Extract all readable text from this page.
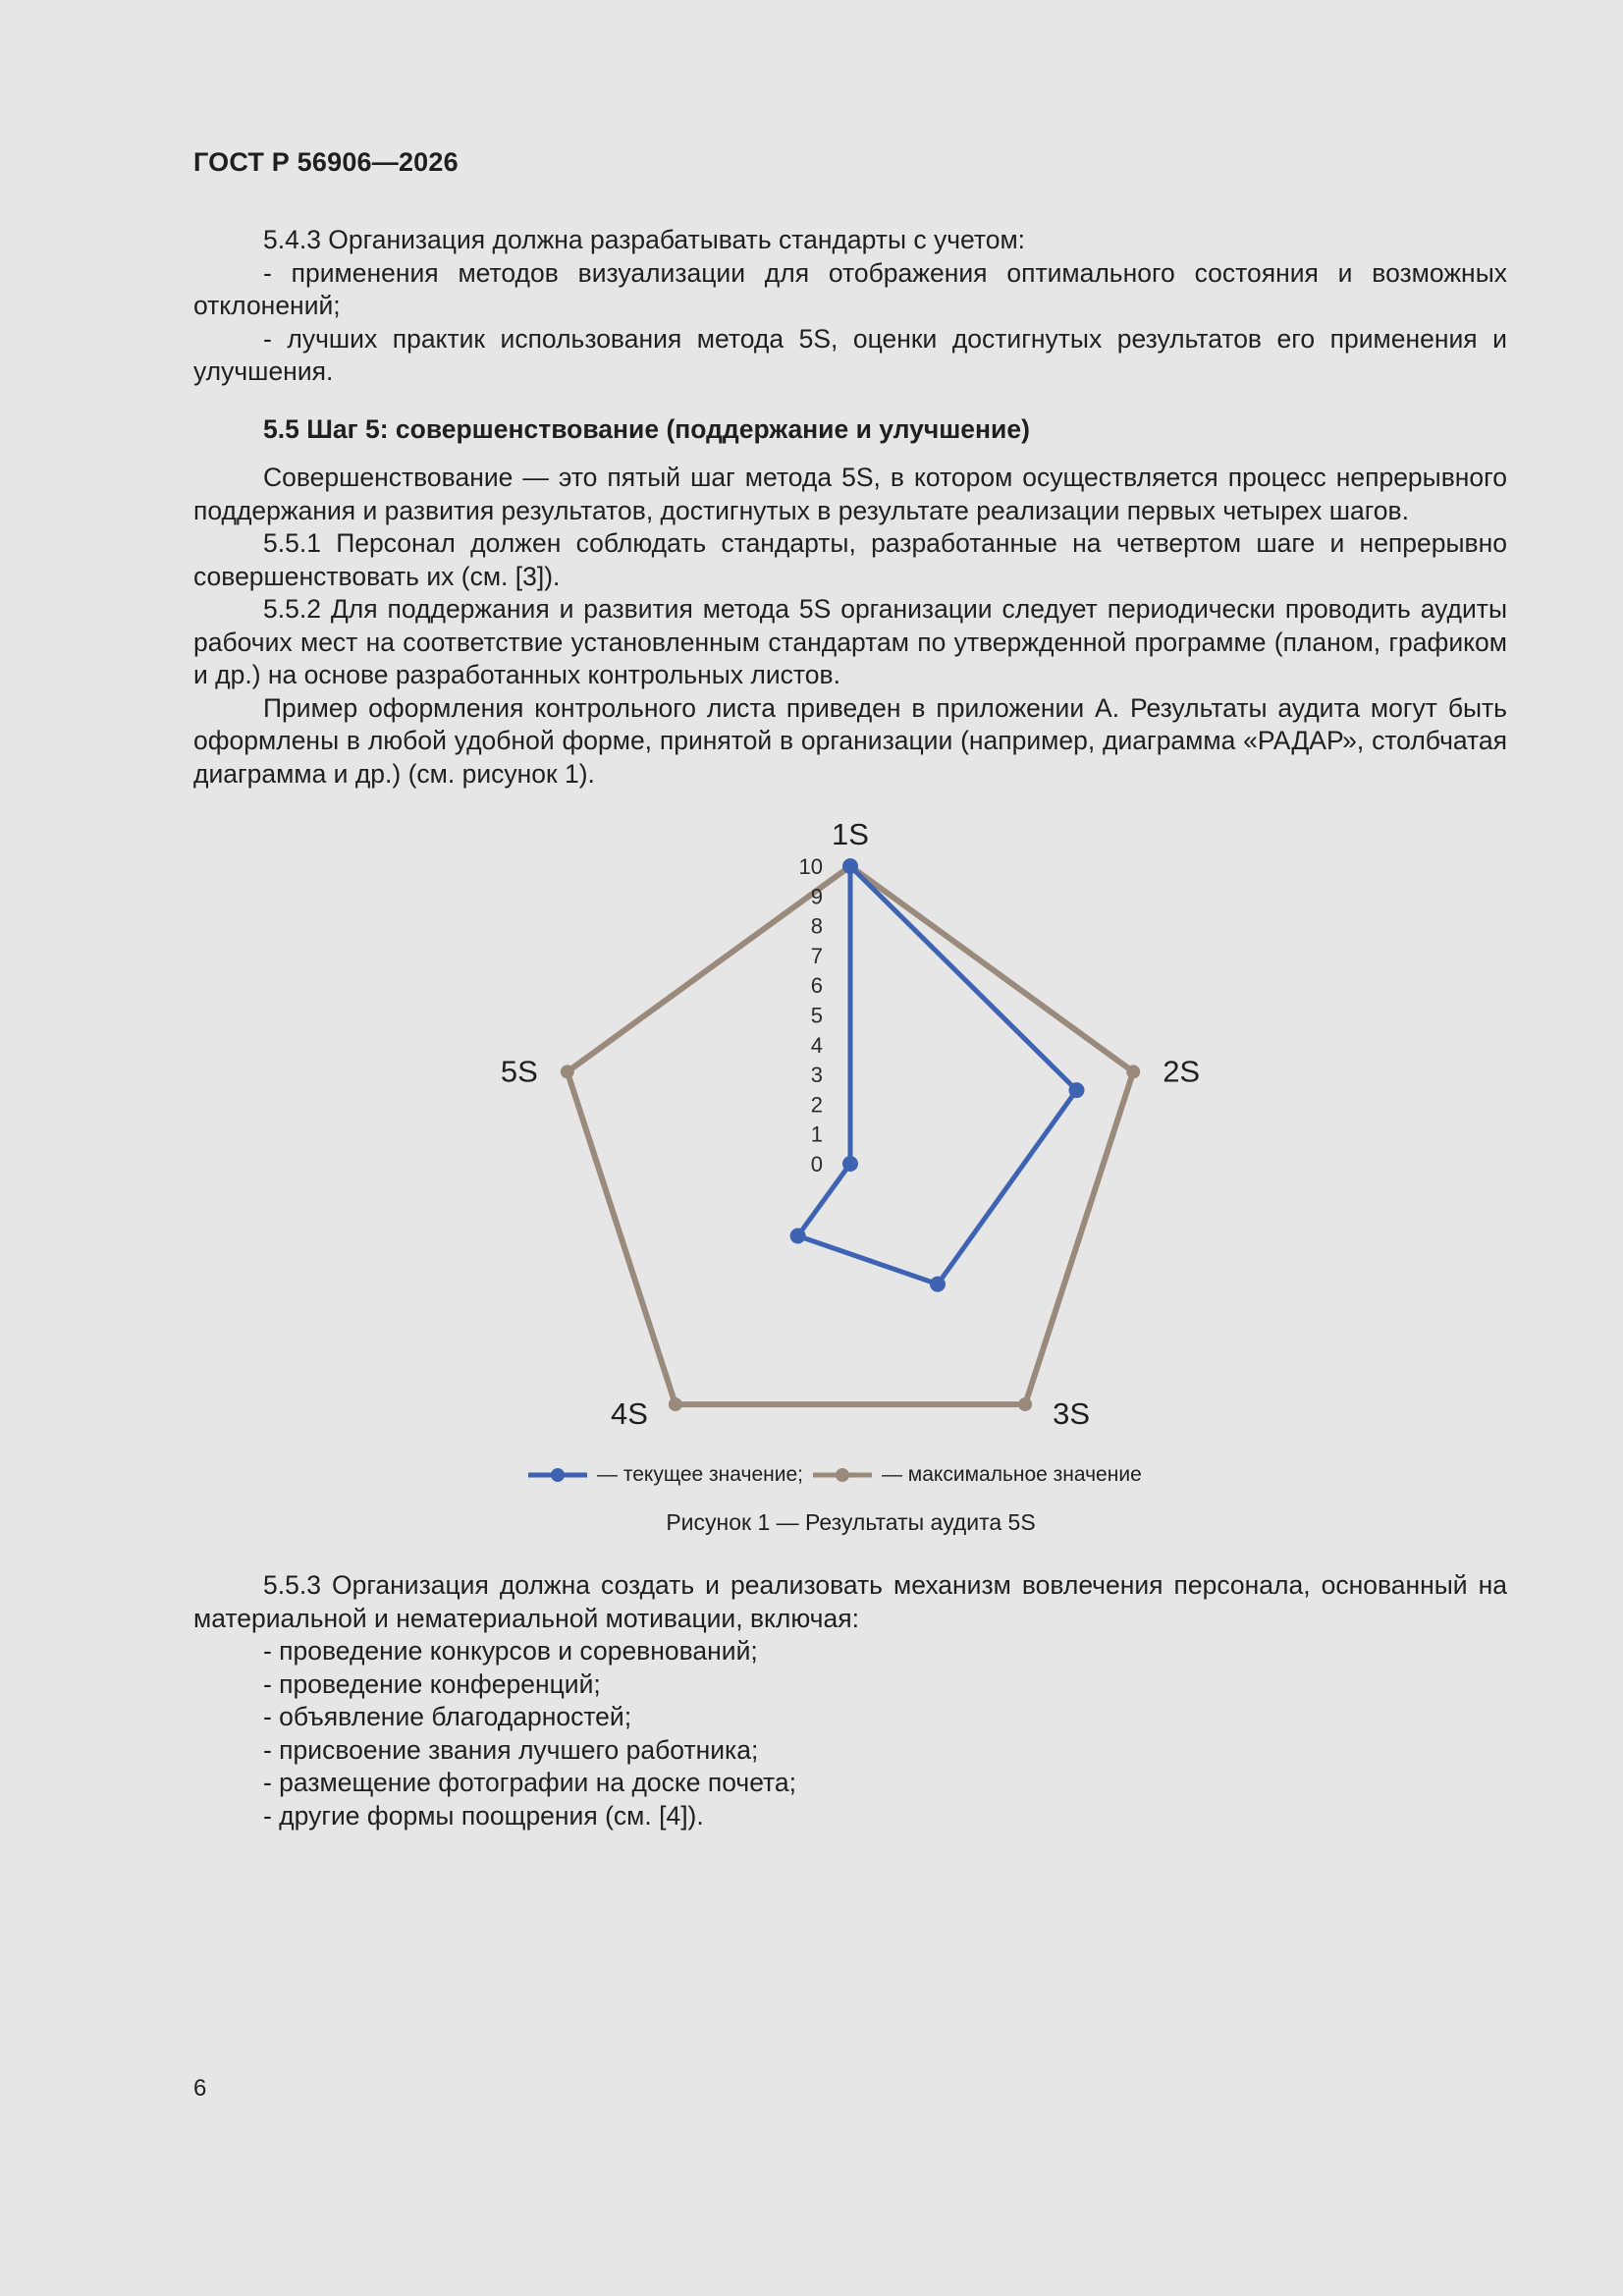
ГОСТ Р 56906—2026

5.4.3 Организация должна разрабатывать стандарты с учетом:

- применения методов визуализации для отображения оптимального состояния и возможных отклонений;

- лучших практик использования метода 5S, оценки достигнутых результатов его применения и улучшения.

5.5 Шаг 5: совершенствование (поддержание и улучшение)

Совершенствование — это пятый шаг метода 5S, в котором осуществляется процесс непрерывного поддержания и развития результатов, достигнутых в результате реализации первых четырех шагов.

5.5.1 Персонал должен соблюдать стандарты, разработанные на четвертом шаге и непрерывно совершенствовать их (см. [3]).

5.5.2 Для поддержания и развития метода 5S организации следует периодически проводить аудиты рабочих мест на соответствие установленным стандартам по утвержденной программе (планом, графиком и др.) на основе разработанных контрольных листов.

Пример оформления контрольного листа приведен в приложении А. Результаты аудита могут быть оформлены в любой удобной форме, принятой в организации (например, диаграмма «РАДАР», столбчатая диаграмма и др.) (см. рисунок 1).

0
1
2
3
4
5
6
7
8
9
10
1S
2S
3S
4S
5S
— текущее значение;	— максимальное значение
Рисунок 1 — Результаты аудита 5S

5.5.3 Организация должна создать и реализовать механизм вовлечения персонала, основанный на материальной и нематериальной мотивации, включая:

- проведение конкурсов и соревнований;
- проведение конференций;
- объявление благодарностей;
- присвоение звания лучшего работника;
- размещение фотографии на доске почета;
- другие формы поощрения (см. [4]).
6
